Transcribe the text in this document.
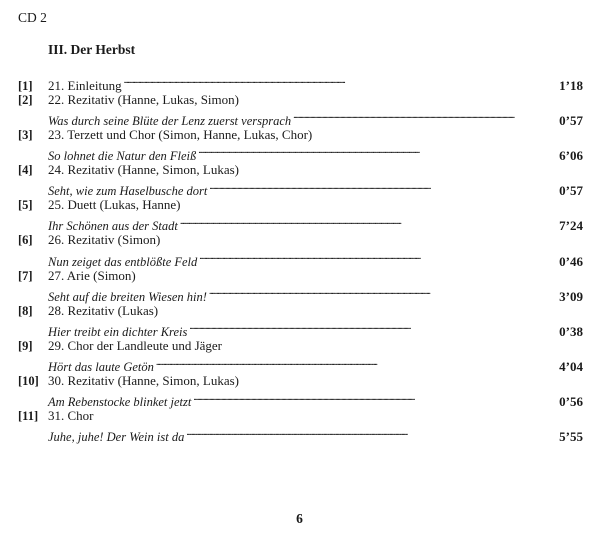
CD 2
III. Der Herbst
[1]	21. Einleitung . . .	1’18
[2]	22. Rezitativ (Hanne, Lukas, Simon)
Was durch seine Blüte der Lenz zuerst versprach . . .	0’57
[3]	23. Terzett und Chor (Simon, Hanne, Lukas, Chor)
So lohnet die Natur den Fleiß . . .	6’06
[4]	24. Rezitativ (Hanne, Simon, Lukas)
Seht, wie zum Haselbusche dort . . .	0’57
[5]	25. Duett (Lukas, Hanne)
Ihr Schönen aus der Stadt . . .	7’24
[6]	26. Rezitativ (Simon)
Nun zeiget das entblößte Feld . . .	0’46
[7]	27. Arie (Simon)
Seht auf die breiten Wiesen hin! . . .	3’09
[8]	28. Rezitativ (Lukas)
Hier treibt ein dichter Kreis . . .	0’38
[9]	29. Chor der Landleute und Jäger
Hört das laute Getön . . .	4’04
[10] 30. Rezitativ (Hanne, Simon, Lukas)
Am Rebenstocke blinket jetzt . . .	0’56
[11] 31. Chor
Juhe, juhe! Der Wein ist da . . .	5’55
6
